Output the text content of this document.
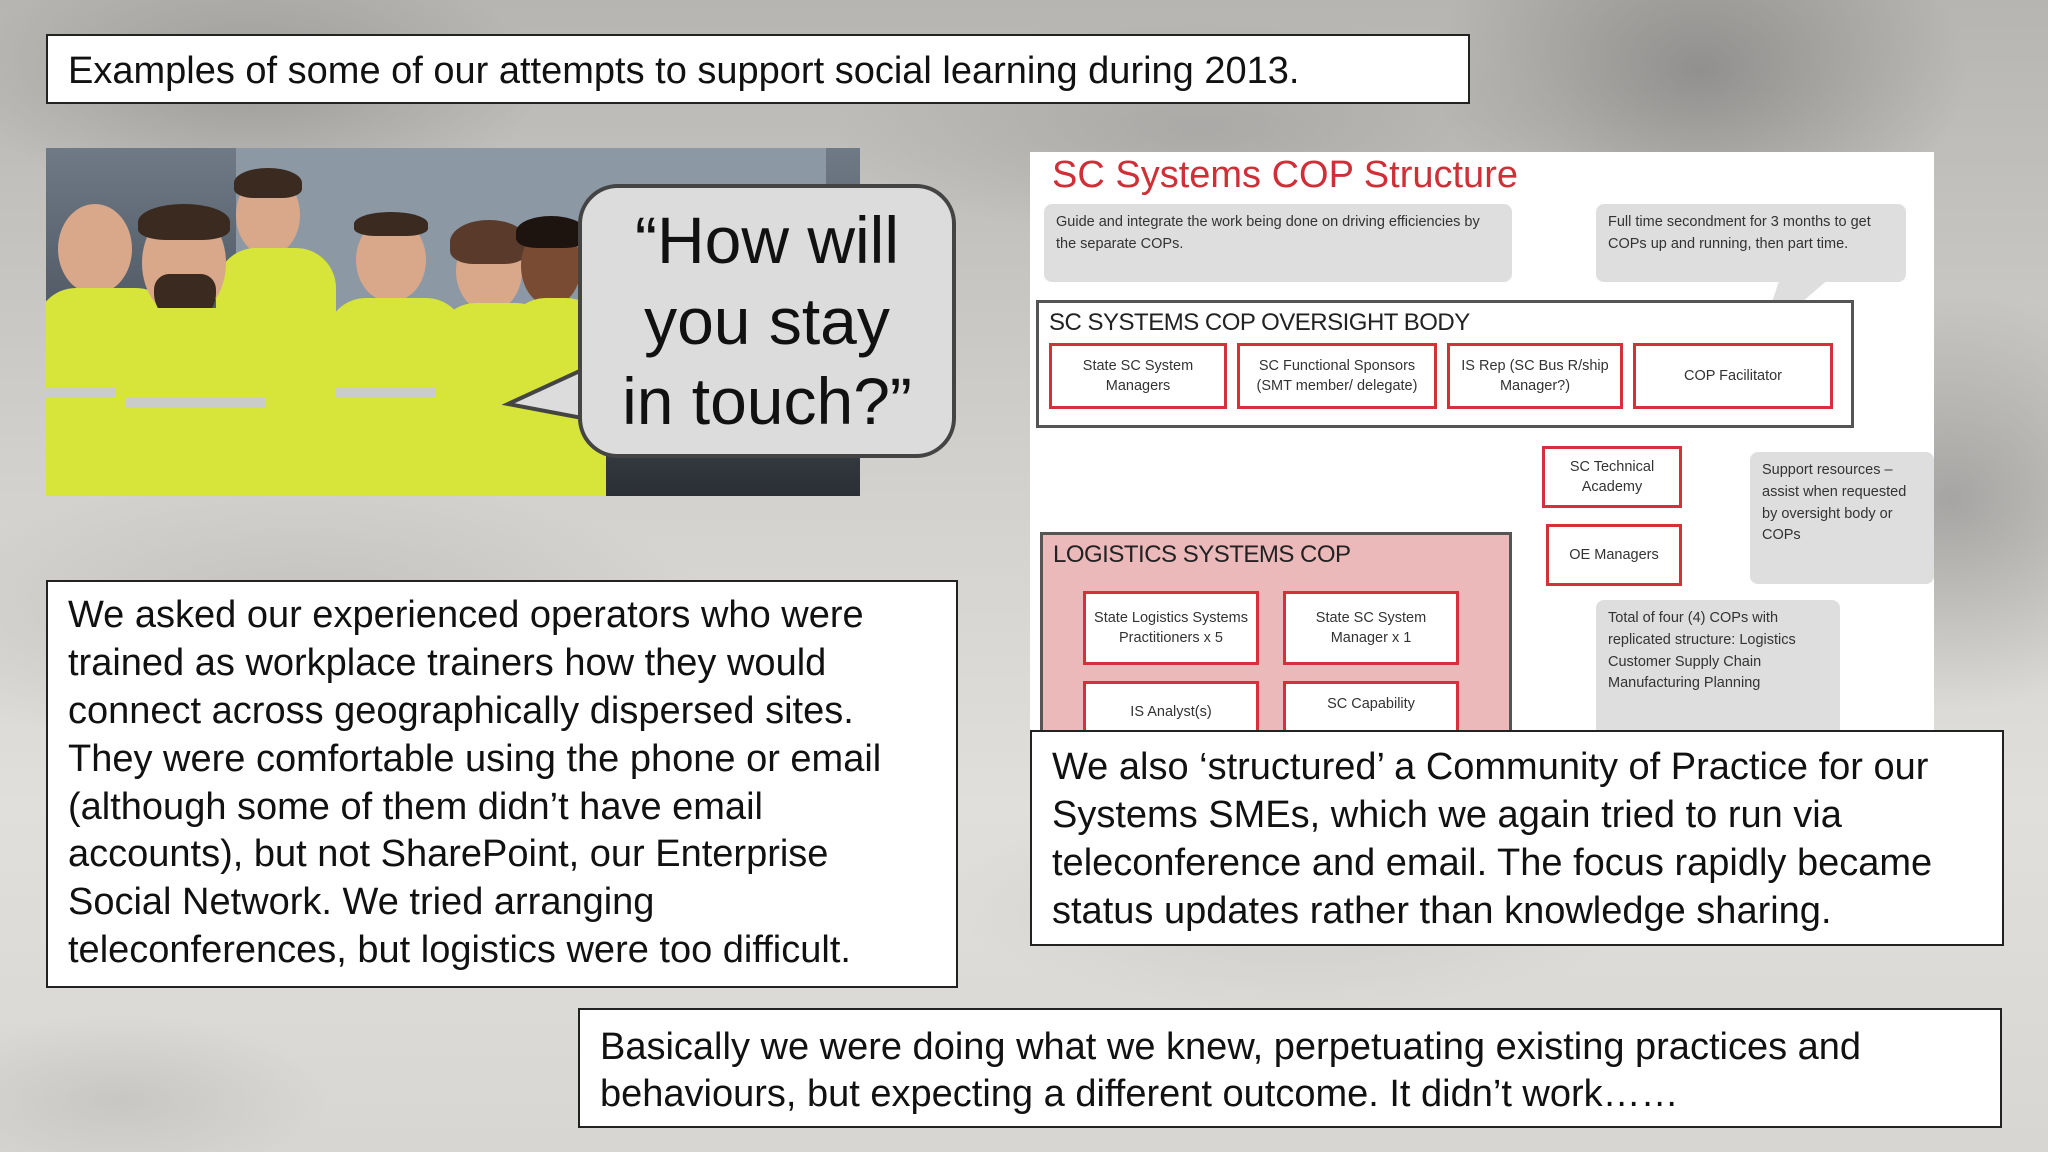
Examples of some of our attempts to support social learning during 2013.
“How will you stay in touch?”
SC Systems COP Structure
Guide and integrate the work being done on driving efficiencies by the separate COPs.
Full time secondment for 3 months to get COPs up and running, then part time.
SC SYSTEMS COP OVERSIGHT BODY
State SC System Managers
SC Functional Sponsors (SMT member/ delegate)
IS Rep (SC Bus R/ship Manager?)
COP Facilitator
SC Technical Academy
OE Managers
Support resources – assist when requested by oversight body or COPs
LOGISTICS SYSTEMS COP
State Logistics Systems Practitioners x 5
State SC System Manager x 1
IS Analyst(s)	SC Capability
Total of four (4) COPs with replicated structure: Logistics Customer Supply Chain Manufacturing Planning
We asked our experienced operators who were trained as workplace trainers how they would connect across geographically dispersed sites. They were comfortable using the phone or email (although some of them didn’t have email accounts), but not SharePoint, our Enterprise Social Network. We tried arranging teleconferences, but logistics were too difficult.
We also ‘structured’ a Community of Practice for our Systems SMEs, which we again tried to run via teleconference and email. The focus rapidly became status updates rather than knowledge sharing.
Basically we were doing what we knew, perpetuating existing practices and behaviours, but expecting a different outcome. It didn’t work……
